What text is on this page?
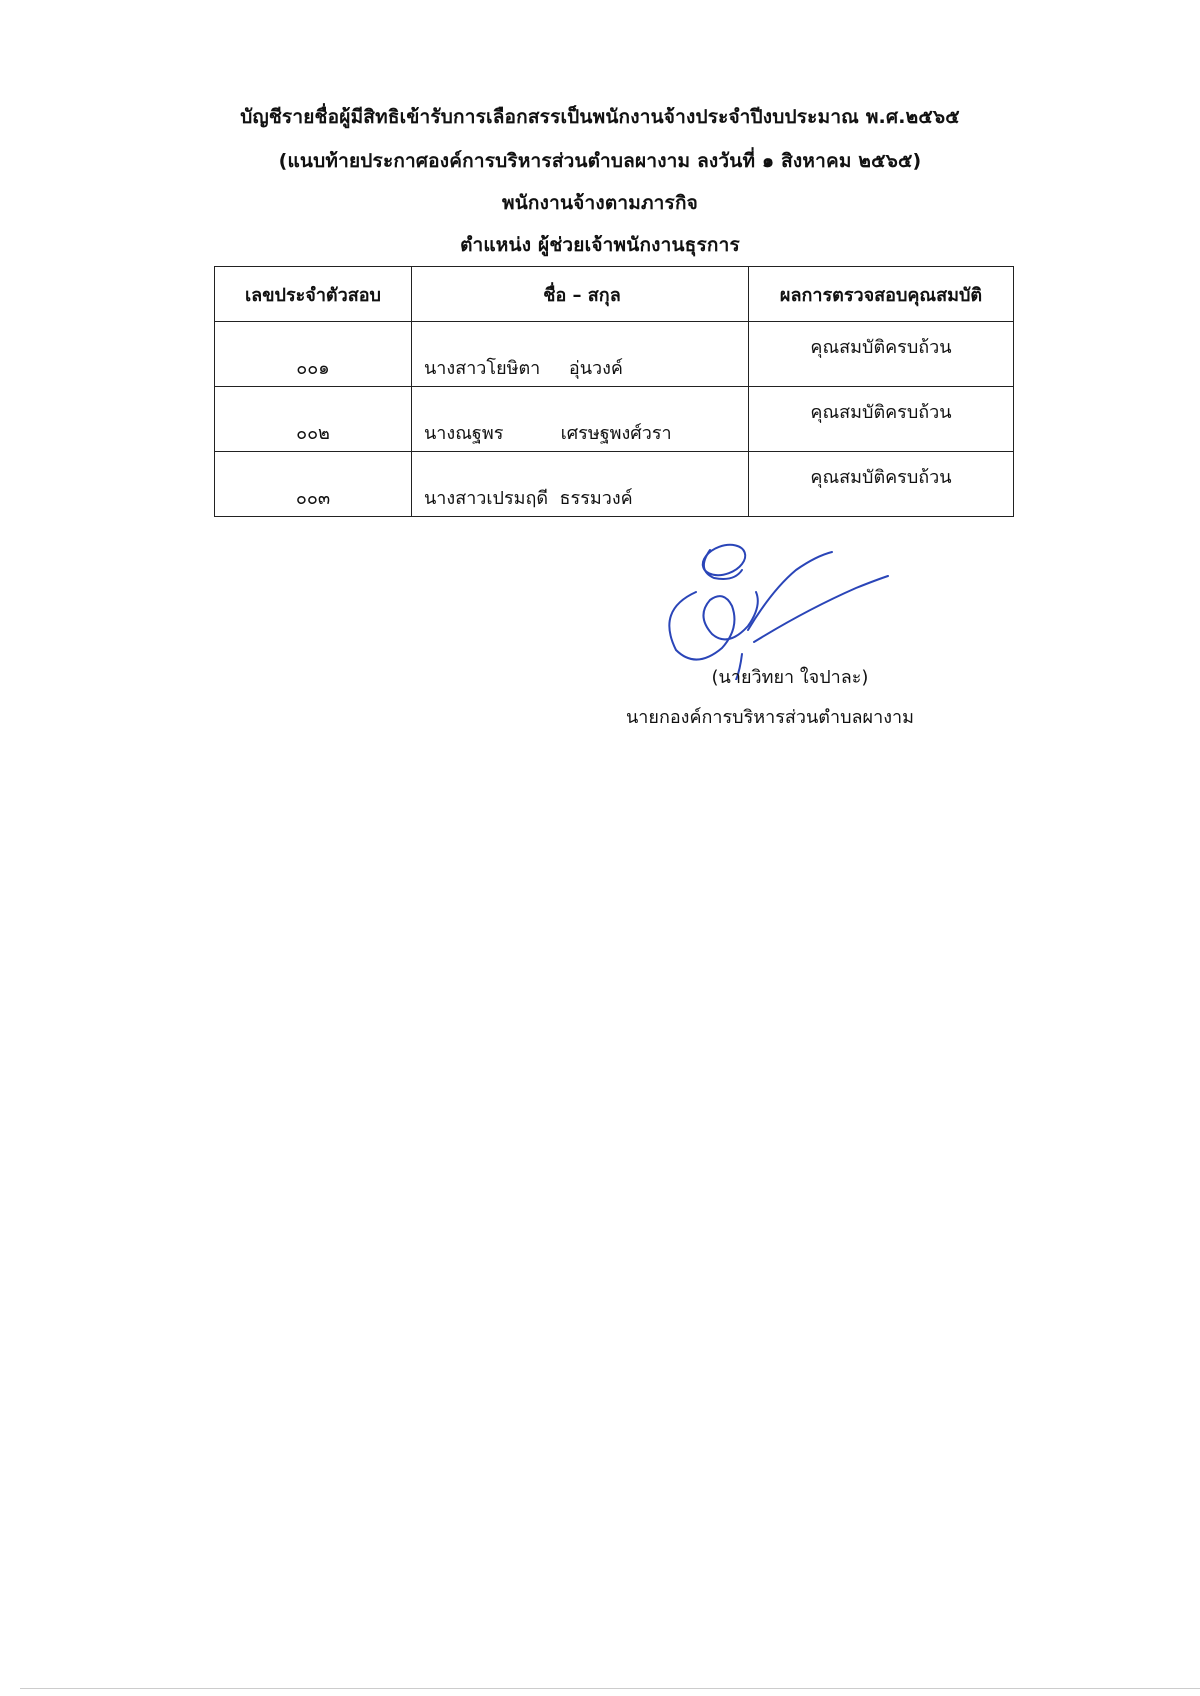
บัญชีรายชื่อผู้มีสิทธิเข้ารับการเลือกสรรเป็นพนักงานจ้างประจำปีงบประมาณ พ.ศ.๒๕๖๕
(แนบท้ายประกาศองค์การบริหารส่วนตำบลผางาม ลงวันที่ ๑ สิงหาคม ๒๕๖๕)
พนักงานจ้างตามภารกิจ
ตำแหน่ง ผู้ช่วยเจ้าพนักงานธุรการ
เลขประจำตัวสอบ	ชื่อ – สกุล	ผลการตรวจสอบคุณสมบัติ
๐๐๑	นางสาวโยษิตา     อุ่นวงค์	คุณสมบัติครบถ้วน
๐๐๒	นางณฐพร          เศรษฐพงศ์วรา	คุณสมบัติครบถ้วน
๐๐๓	นางสาวเปรมฤดี  ธรรมวงค์	คุณสมบัติครบถ้วน
(นายวิทยา ใจปาละ)
นายกองค์การบริหารส่วนตำบลผางาม
